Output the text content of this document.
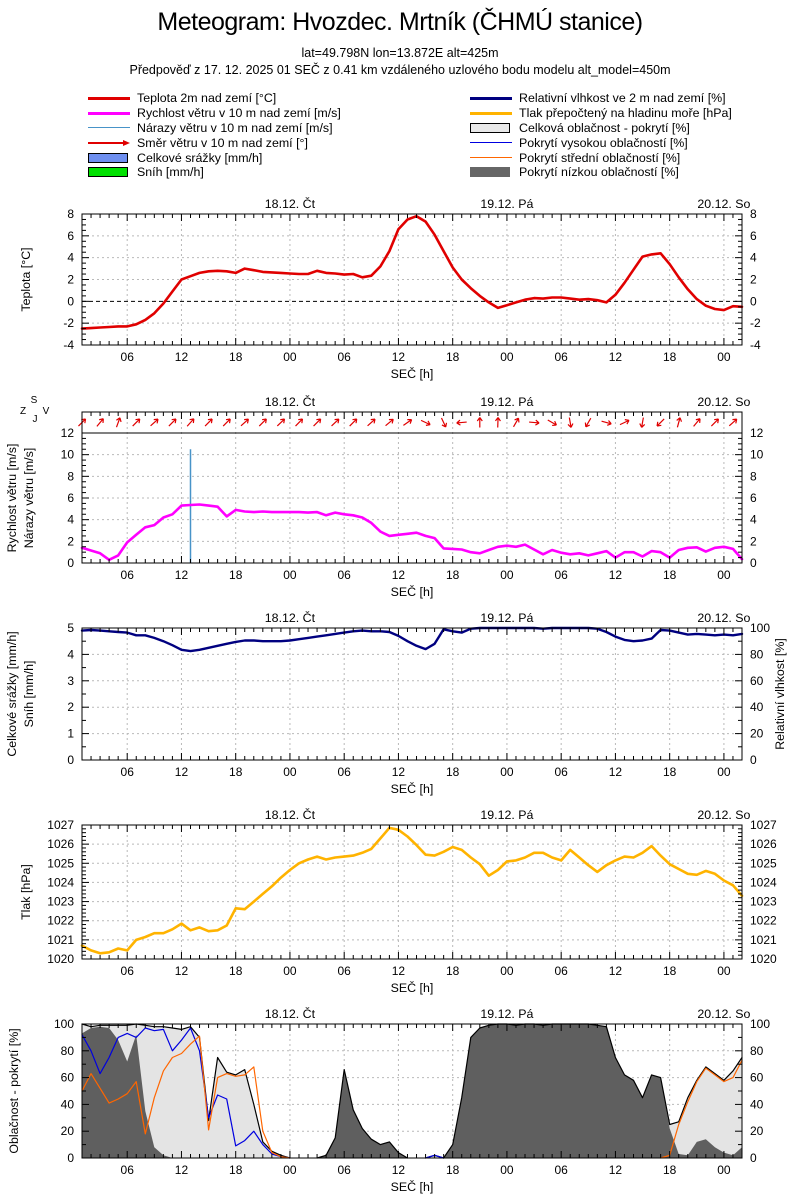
Meteogram: Hvozdec. Mrtník (ČHMÚ stanice)
lat=49.798N lon=13.872E alt=425m
Předpověď z 17. 12. 2025 01 SEČ z 0.41 km vzdáleného uzlového bodu modelu alt_model=450m
Teplota 2m nad zemí [°C]
Rychlost větru v 10 m nad zemí [m/s]
Nárazy větru v 10 m nad zemí [m/s]
Směr větru v 10 m nad zemí [°]
Celkové srážky [mm/h]
Sníh [mm/h]
Relativní vlhkost ve 2 m nad zemí [%]
Tlak přepočtený na hladinu moře [hPa]
Celková oblačnost - pokrytí [%]
Pokrytí vysokou oblačností [%]
Pokrytí střední oblačností [%]
Pokrytí nízkou oblačností [%]
-4
-2
0
2
4
6
8
-4
-2
0
2
4
6
8
06	12	18	00	06	12	18	00	06	12	18	00
18.12. Čt	19.12. Pá	20.12. So
SEČ [h]
Teplota [°C]
S
Z
J
V
0
2
4
6
8
10
12
0
2
4
6
8
10
12
06	12	18	00	06	12	18	00	06	12	18	00
18.12. Čt	19.12. Pá	20.12. So
SEČ [h]
Rychlost větru [m/s] Nárazy větru [m/s]
0
1
2
3
4
5
0
20
40
60
80
100
06	12	18	00	06	12	18	00	06	12	18	00
18.12. Čt	19.12. Pá	20.12. So
SEČ [h]
Celkové srážky [mm/h] Sníh [mm/h]	Relativní vlhkost [%]
1020
1021
1022
1023
1024
1025
1026
1027
1020
1021
1022
1023
1024
1025
1026
1027
06	12	18	00	06	12	18	00	06	12	18	00
18.12. Čt	19.12. Pá	20.12. So
SEČ [h]
Tlak [hPa]
0
20
40
60
80
100
0
20
40
60
80
100
06	12	18	00	06	12	18	00	06	12	18	00
18.12. Čt	19.12. Pá	20.12. So
SEČ [h]
Oblačnost - pokrytí [%]
